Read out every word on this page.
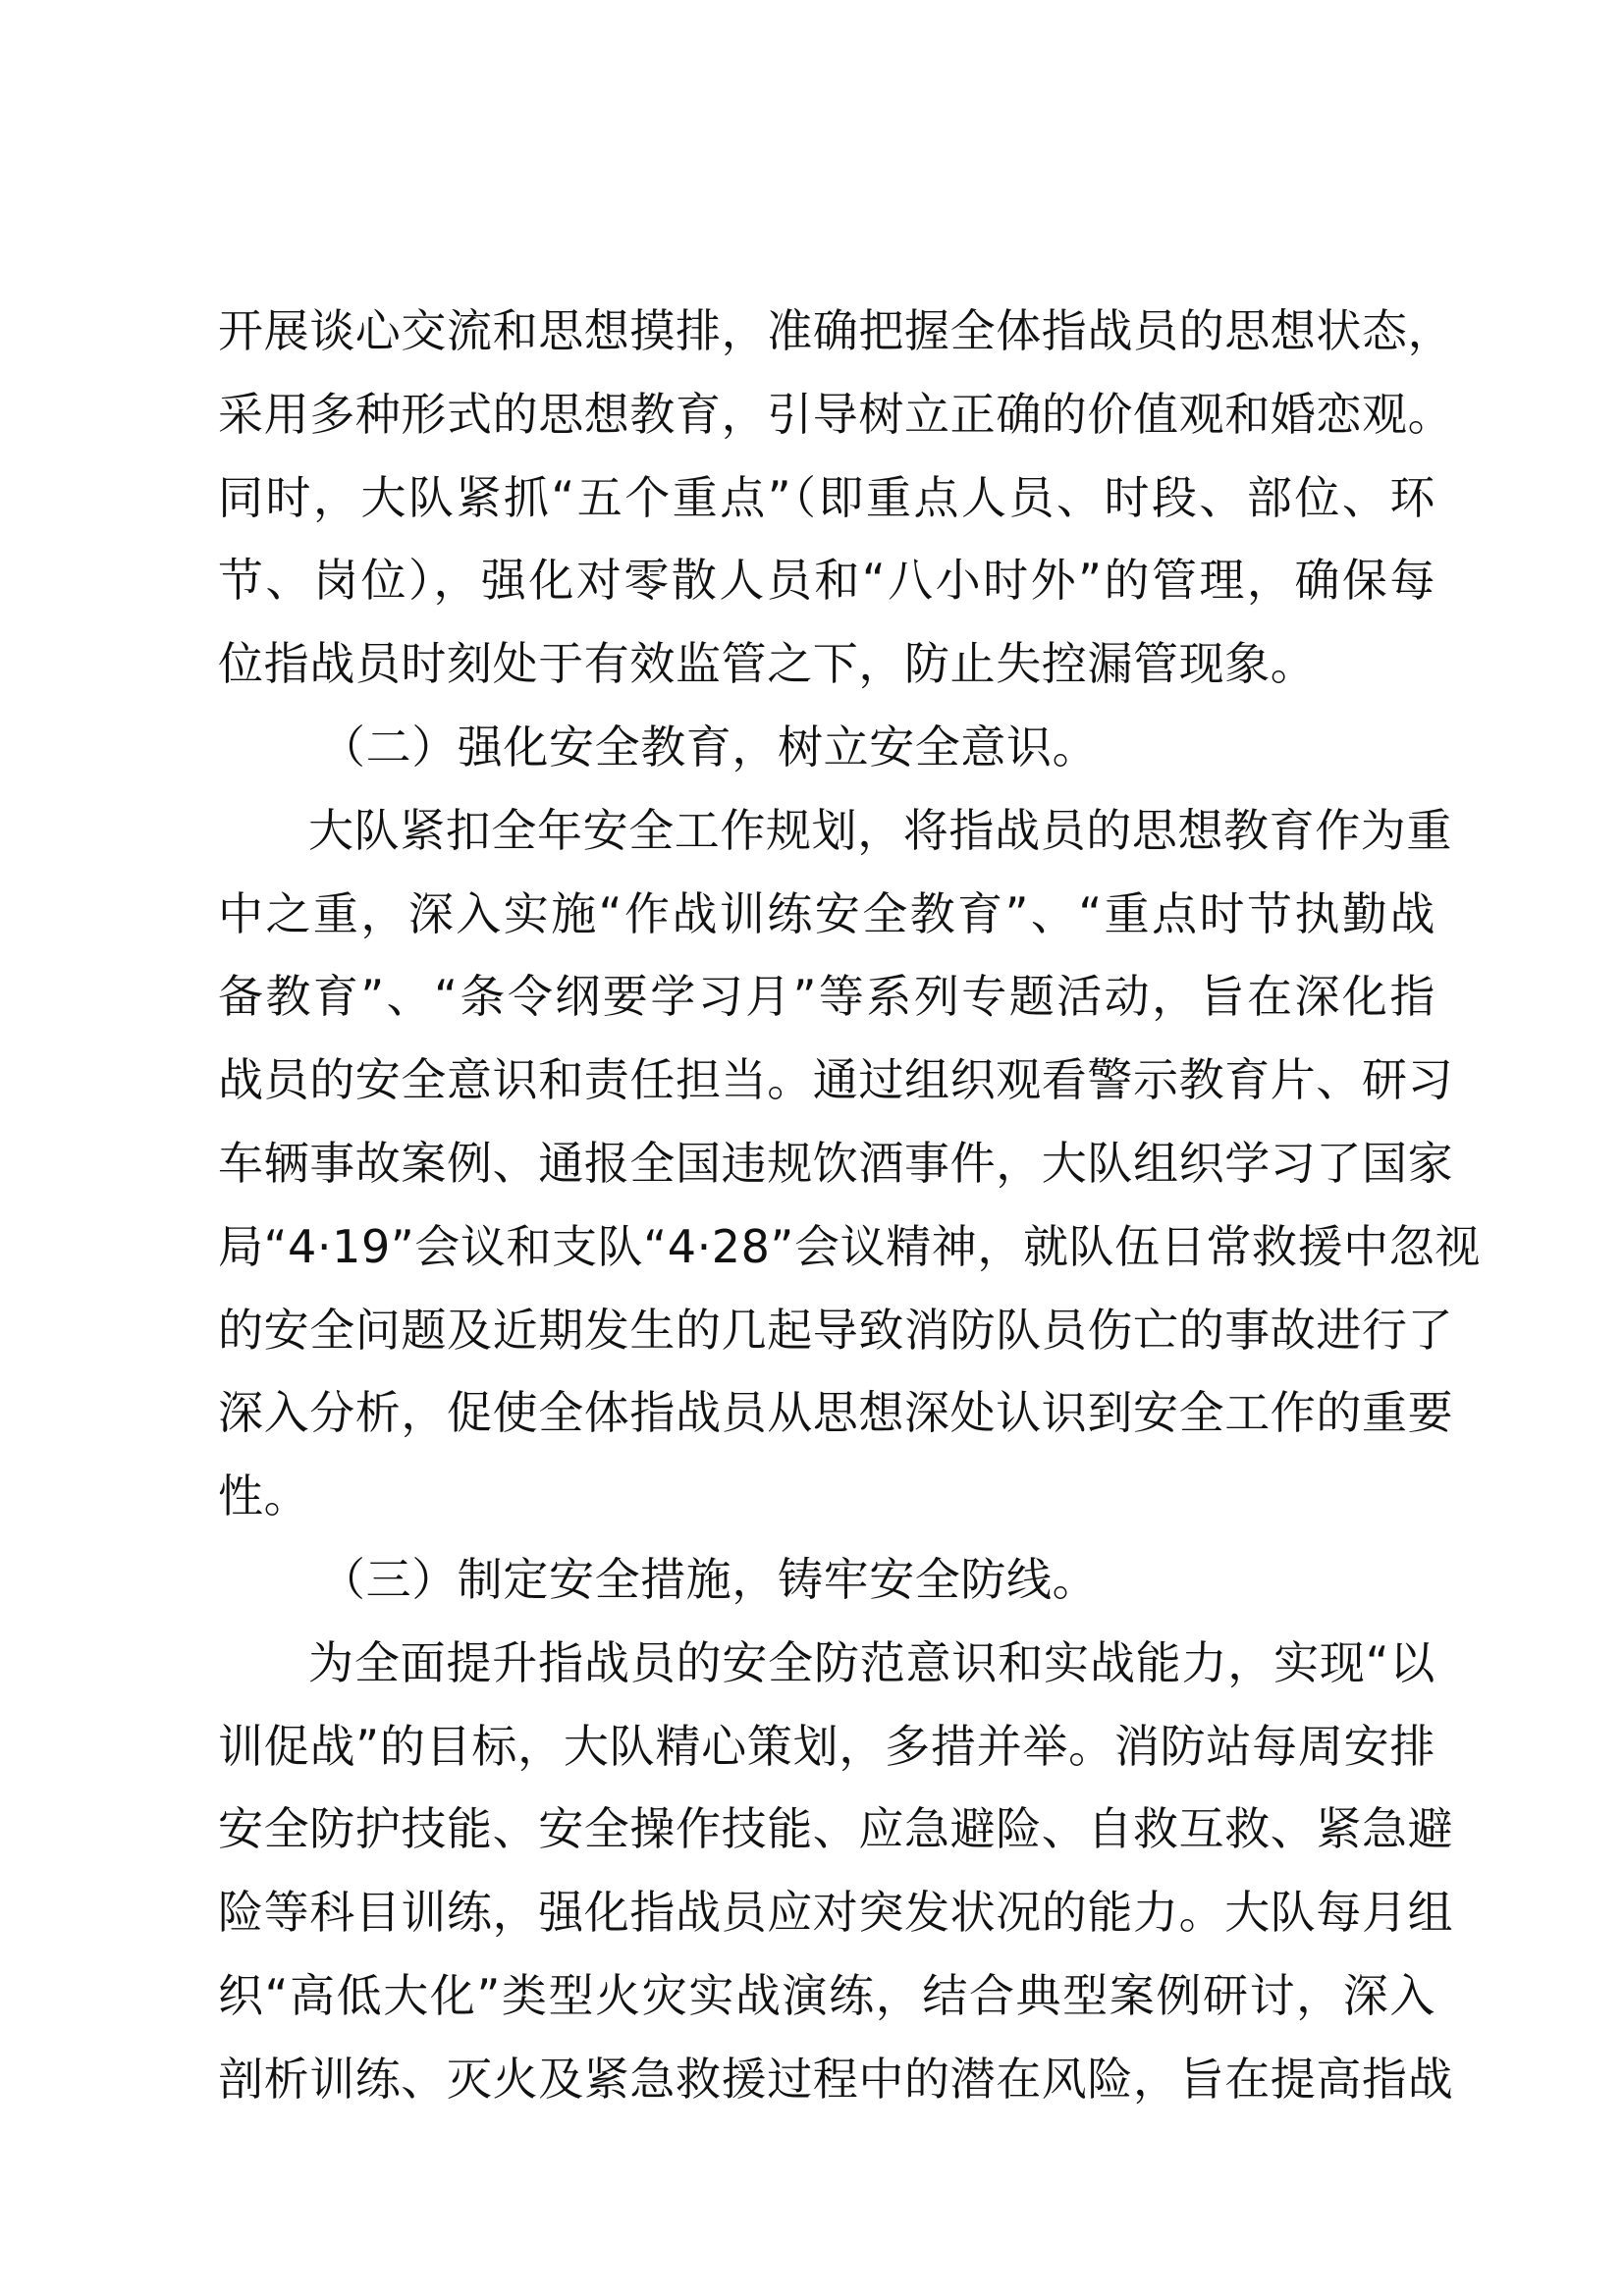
开展谈心交流和思想摸排，准确把握全体指战员的思想状态，
采用多种形式的思想教育，引导树立正确的价值观和婚恋观。
同时，大队紧抓“五个重点”（即重点人员、时段、部位、环
节、岗位），强化对零散人员和“八小时外”的管理，确保每
位指战员时刻处于有效监管之下，防止失控漏管现象。
（二）强化安全教育，树立安全意识。
大队紧扣全年安全工作规划，将指战员的思想教育作为重
中之重，深入实施“作战训练安全教育”、“重点时节执勤战
备教育”、“条令纲要学习月”等系列专题活动，旨在深化指
战员的安全意识和责任担当。通过组织观看警示教育片、研习
车辆事故案例、通报全国违规饮酒事件，大队组织学习了国家
局“4·19”会议和支队“4·28”会议精神，就队伍日常救援中忽视
的安全问题及近期发生的几起导致消防队员伤亡的事故进行了
深入分析，促使全体指战员从思想深处认识到安全工作的重要
性。
（三）制定安全措施，铸牢安全防线。
为全面提升指战员的安全防范意识和实战能力，实现“以
训促战”的目标，大队精心策划，多措并举。消防站每周安排
安全防护技能、安全操作技能、应急避险、自救互救、紧急避
险等科目训练，强化指战员应对突发状况的能力。大队每月组
织“高低大化”类型火灾实战演练，结合典型案例研讨，深入
剖析训练、灭火及紧急救援过程中的潜在风险，旨在提高指战
